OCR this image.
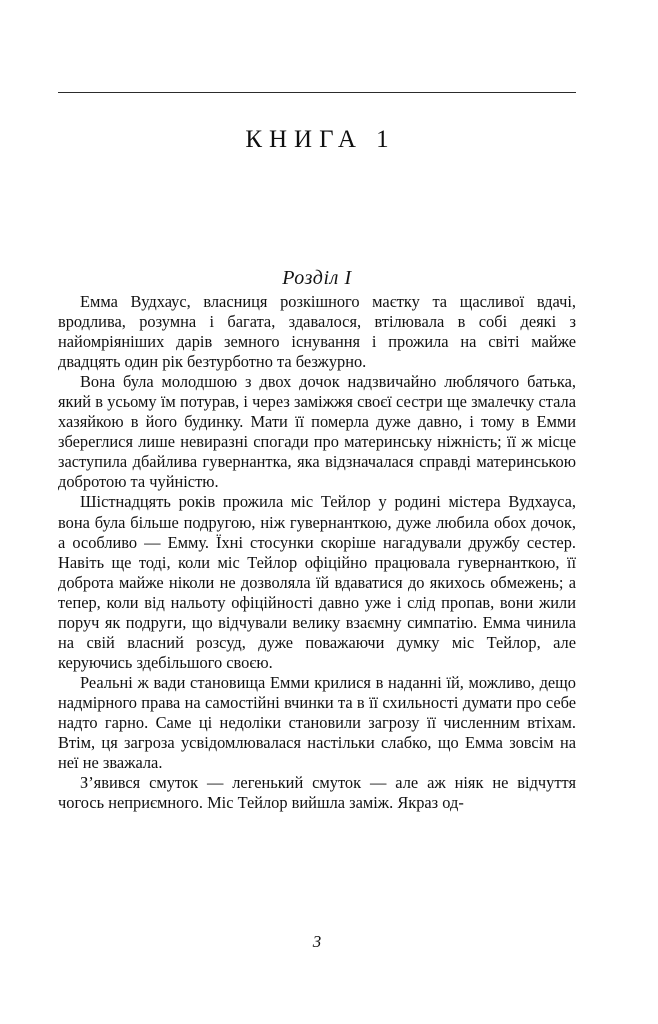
КНИГА 1
Розділ I

Емма Вудхаус, власниця розкішного маєтку та щасливої вдачі, вродлива, розумна і багата, здавалося, втілювала в собі деякі з найомріяніших дарів земного існування і прожила на світі майже двадцять один рік безтурботно та безжурно.

Вона була молодшою з двох дочок надзвичайно люблячого батька, який в усьому їм потурав, і через заміжжя своєї сестри ще змалечку стала хазяйкою в його будинку. Мати її померла дуже давно, і тому в Емми збереглися лише невиразні спогади про материнську ніжність; її ж місце заступила дбайлива гувернантка, яка відзначалася справді материнською добротою та чуйністю.

Шістнадцять років прожила міс Тейлор у родині містера Вудхауса, вона була більше подругою, ніж гувернанткою, дуже любила обох дочок, а особливо — Емму. Їхні стосунки скоріше нагадували дружбу сестер. Навіть ще тоді, коли міс Тейлор офіційно працювала гувернанткою, її доброта майже ніколи не дозволяла їй вдаватися до якихось обмежень; а тепер, коли від нальоту офіційності давно уже і слід пропав, вони жили поруч як подруги, що відчували велику взаємну симпатію. Емма чинила на свій власний розсуд, дуже поважаючи думку міс Тейлор, але керуючись здебільшого своєю.

Реальні ж вади становища Емми крилися в наданні їй, можливо, дещо надмірного права на самостійні вчинки та в її схильності думати про себе надто гарно. Саме ці недоліки становили загрозу її численним втіхам. Втім, ця загроза усвідомлювалася настільки слабко, що Емма зовсім на неї не зважала.

З’явився смуток — легенький смуток — але аж ніяк не відчуття чогось неприємного. Міс Тейлор вийшла заміж. Якраз од-

3
